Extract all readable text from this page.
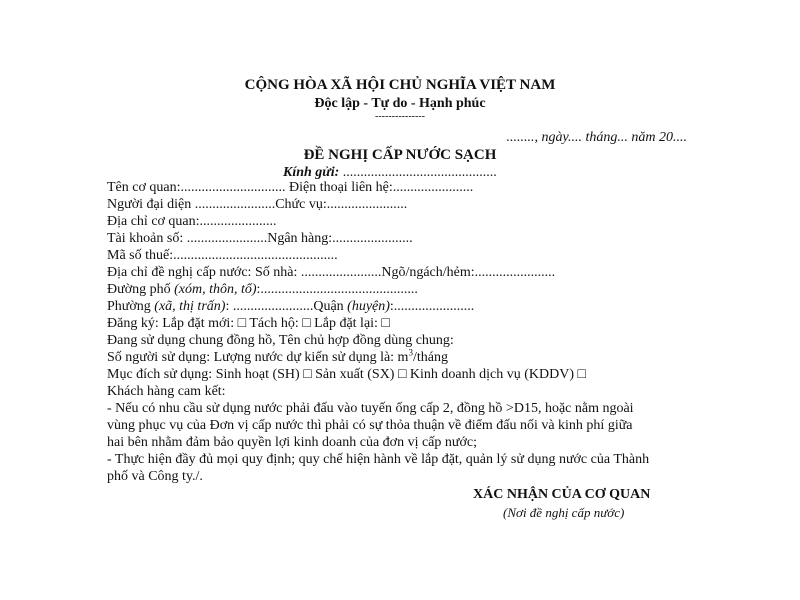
CỘNG HÒA XÃ HỘI CHỦ NGHĨA VIỆT NAM
Độc lập - Tự do - Hạnh phúc
---------------
........, ngày.... tháng... năm 20....
ĐỀ NGHỊ CẤP NƯỚC SẠCH
Kính gửi: ............................................
Tên cơ quan:.............................. Điện thoại liên hệ:.......................
Người đại diện .......................Chức vụ:.......................
Địa chỉ cơ quan:......................
Tài khoản số: .......................Ngân hàng:.......................
Mã số thuế:...............................................
Địa chỉ đề nghị cấp nước: Số nhà: .......................Ngõ/ngách/hẻm:.......................
Đường phố (xóm, thôn, tổ):.............................................
Phường (xã, thị trấn): .......................Quận (huyện):.......................
Đăng ký: Lắp đặt mới: □ Tách hộ: □ Lắp đặt lại: □
Đang sử dụng chung đồng hồ, Tên chủ hợp đồng dùng chung:
Số người sử dụng: Lượng nước dự kiến sử dụng là: $m^3$/tháng
Mục đích sử dụng: Sinh hoạt (SH) □ Sản xuất (SX) □ Kinh doanh dịch vụ (KDDV) □
Khách hàng cam kết:
- Nếu có nhu cầu sử dụng nước phải đấu vào tuyến ống cấp 2, đồng hồ >D15, hoặc nằm ngoài
vùng phục vụ của Đơn vị cấp nước thì phải có sự thỏa thuận về điểm đấu nối và kinh phí giữa
hai bên nhằm đảm bảo quyền lợi kinh doanh của đơn vị cấp nước;
- Thực hiện đầy đủ mọi quy định; quy chế hiện hành về lắp đặt, quản lý sử dụng nước của Thành
phố và Công ty./.
XÁC NHẬN CỦA CƠ QUAN
(Nơi đề nghị cấp nước)
